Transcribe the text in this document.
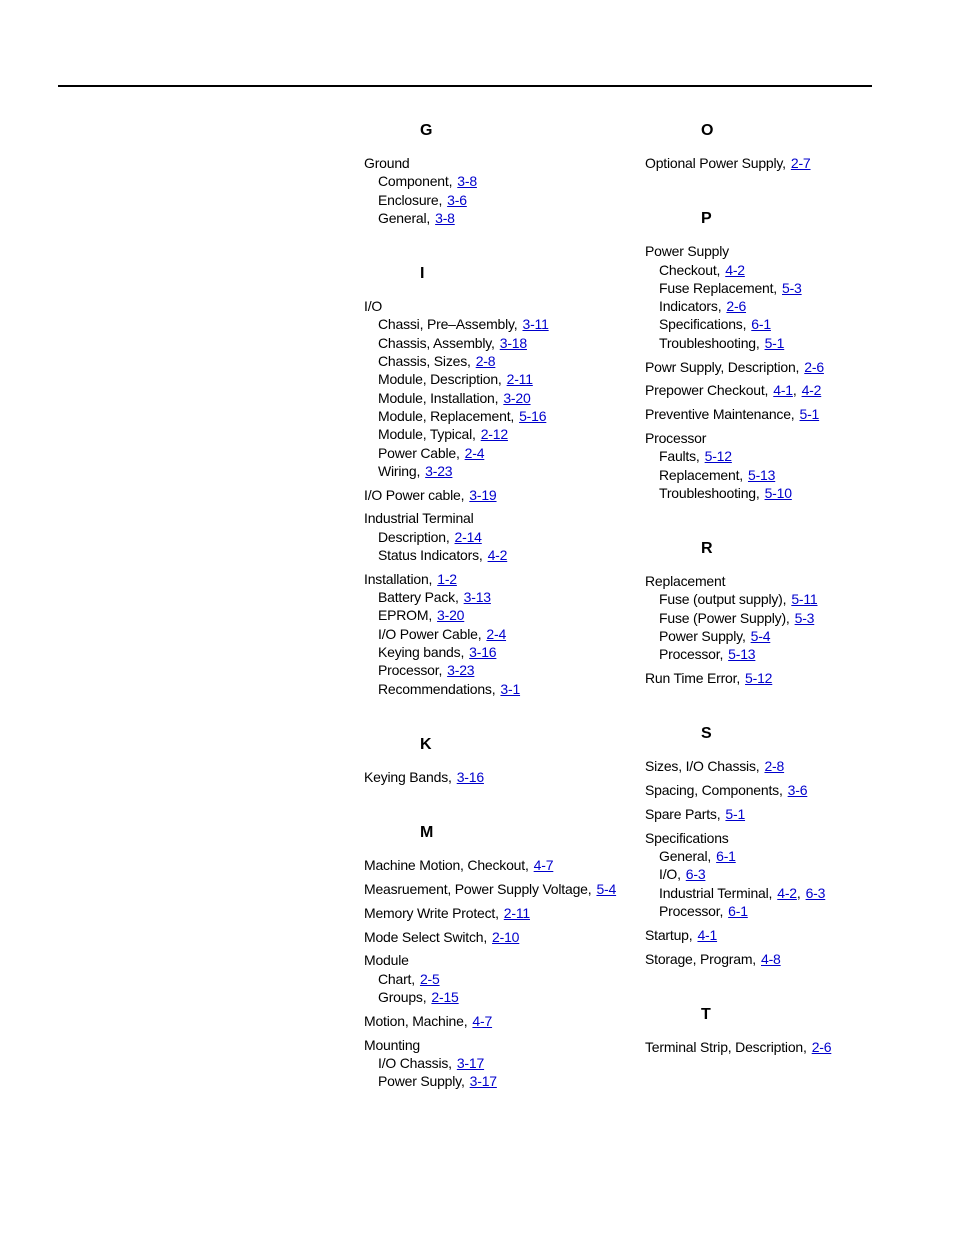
G
Ground
Component, 3-8
Enclosure, 3-6
General, 3-8
I
I/O
Chassi, Pre–Assembly, 3-11
Chassis, Assembly, 3-18
Chassis, Sizes, 2-8
Module, Description, 2-11
Module, Installation, 3-20
Module, Replacement, 5-16
Module, Typical, 2-12
Power Cable, 2-4
Wiring, 3-23
I/O Power cable, 3-19
Industrial Terminal
Description, 2-14
Status Indicators, 4-2
Installation, 1-2
Battery Pack, 3-13
EPROM, 3-20
I/O Power Cable, 2-4
Keying bands, 3-16
Processor, 3-23
Recommendations, 3-1
K
Keying Bands, 3-16
M
Machine Motion, Checkout, 4-7
Measruement, Power Supply Voltage, 5-4
Memory Write Protect, 2-11
Mode Select Switch, 2-10
Module
Chart, 2-5
Groups, 2-15
Motion, Machine, 4-7
Mounting
I/O Chassis, 3-17
Power Supply, 3-17
O
Optional Power Supply, 2-7
P
Power Supply
Checkout, 4-2
Fuse Replacement, 5-3
Indicators, 2-6
Specifications, 6-1
Troubleshooting, 5-1
Powr Supply, Description, 2-6
Prepower Checkout, 4-1, 4-2
Preventive Maintenance, 5-1
Processor
Faults, 5-12
Replacement, 5-13
Troubleshooting, 5-10
R
Replacement
Fuse (output supply), 5-11
Fuse (Power Supply), 5-3
Power Supply, 5-4
Processor, 5-13
Run Time Error, 5-12
S
Sizes, I/O Chassis, 2-8
Spacing, Components, 3-6
Spare Parts, 5-1
Specifications
General, 6-1
I/O, 6-3
Industrial Terminal, 4-2, 6-3
Processor, 6-1
Startup, 4-1
Storage, Program, 4-8
T
Terminal Strip, Description, 2-6
